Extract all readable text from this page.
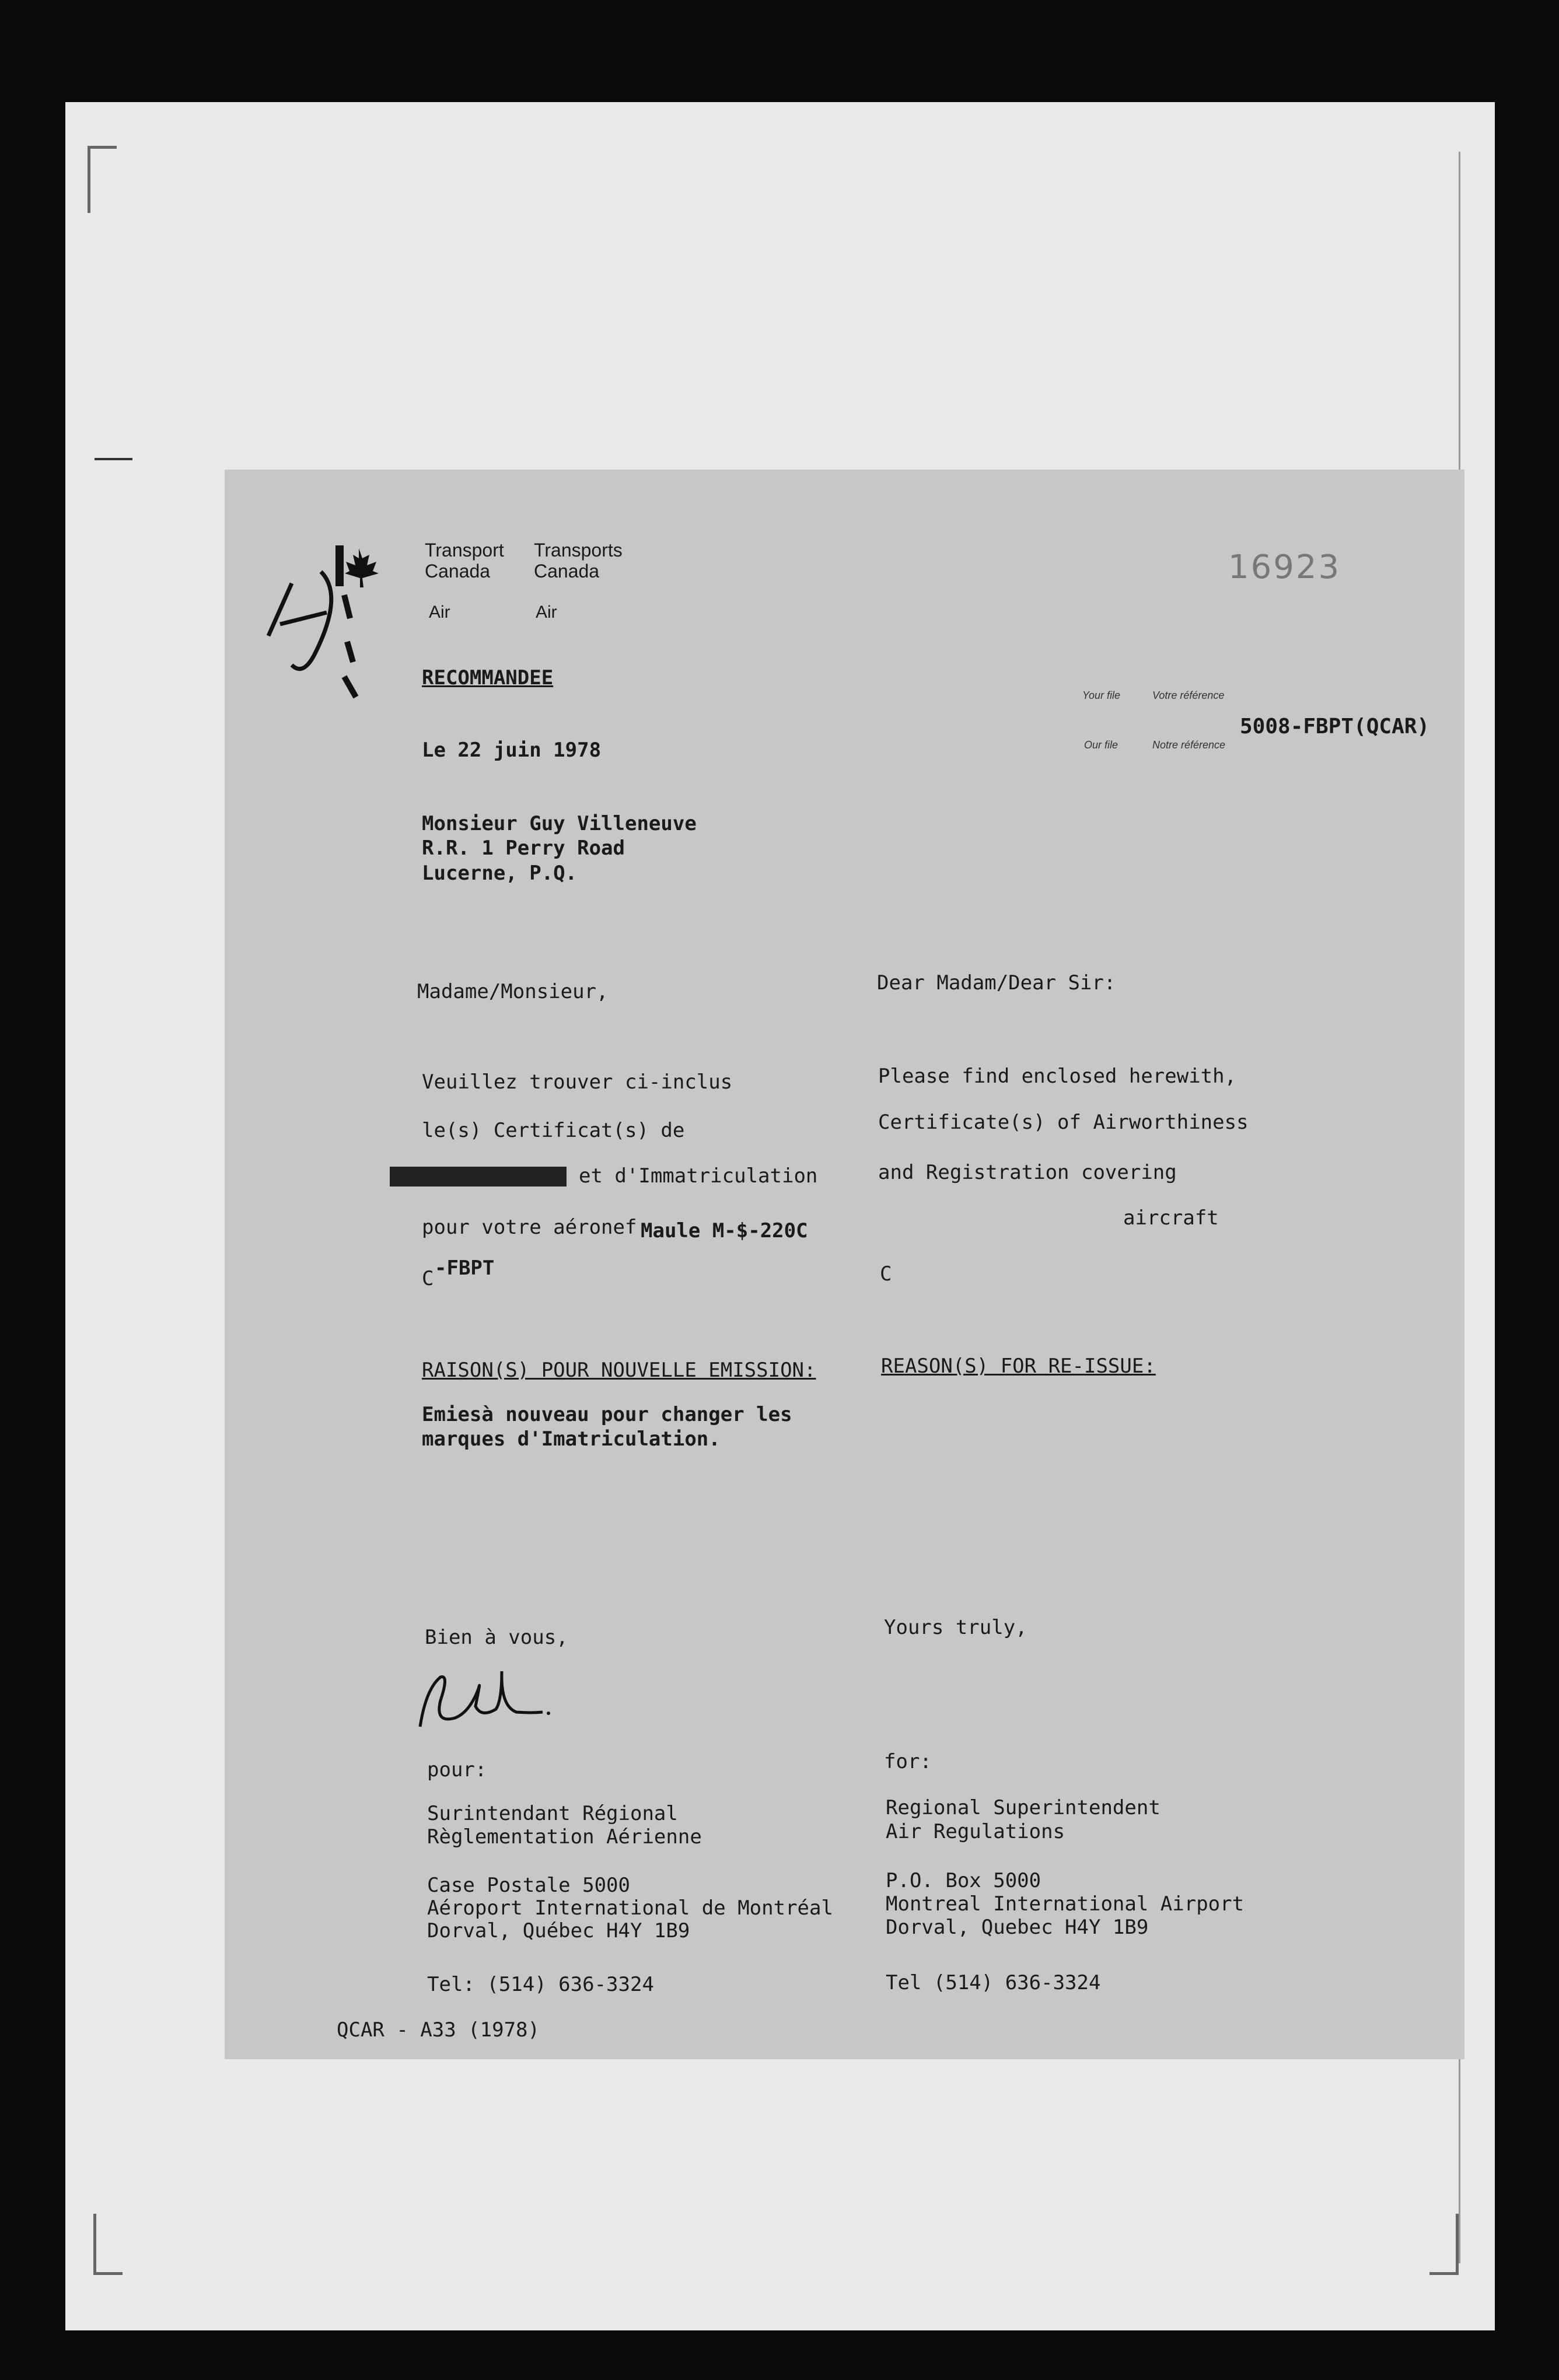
Transport
Canada
Transports
Canada
Air	Air
16923
RECOMMANDEE
Your file	Votre référence
Our file	Notre référence
5008-FBPT(QCAR)
Le 22 juin 1978
Monsieur Guy Villeneuve
R.R. 1 Perry Road
Lucerne, P.Q.
Madame/Monsieur,
Veuillez trouver ci-inclus
le(s) Certificat(s) de
et d'Immatriculation
pour votre aéronef Maule M-$-220C
C -FBPT
RAISON(S) POUR NOUVELLE EMISSION:
Emiesà nouveau pour changer les
marques d'Imatriculation.
Bien à vous,
pour:
Surintendant Régional
Règlementation Aérienne
Case Postale 5000
Aéroport International de Montréal
Dorval, Québec H4Y 1B9
Tel: (514) 636-3324
Dear Madam/Dear Sir:
Please find enclosed herewith,
Certificate(s) of Airworthiness
and Registration covering
aircraft
C
REASON(S) FOR RE-ISSUE:
Yours truly,
for:
Regional Superintendent
Air Regulations
P.O. Box 5000
Montreal International Airport
Dorval, Quebec H4Y 1B9
Tel (514) 636-3324
QCAR - A33 (1978)
